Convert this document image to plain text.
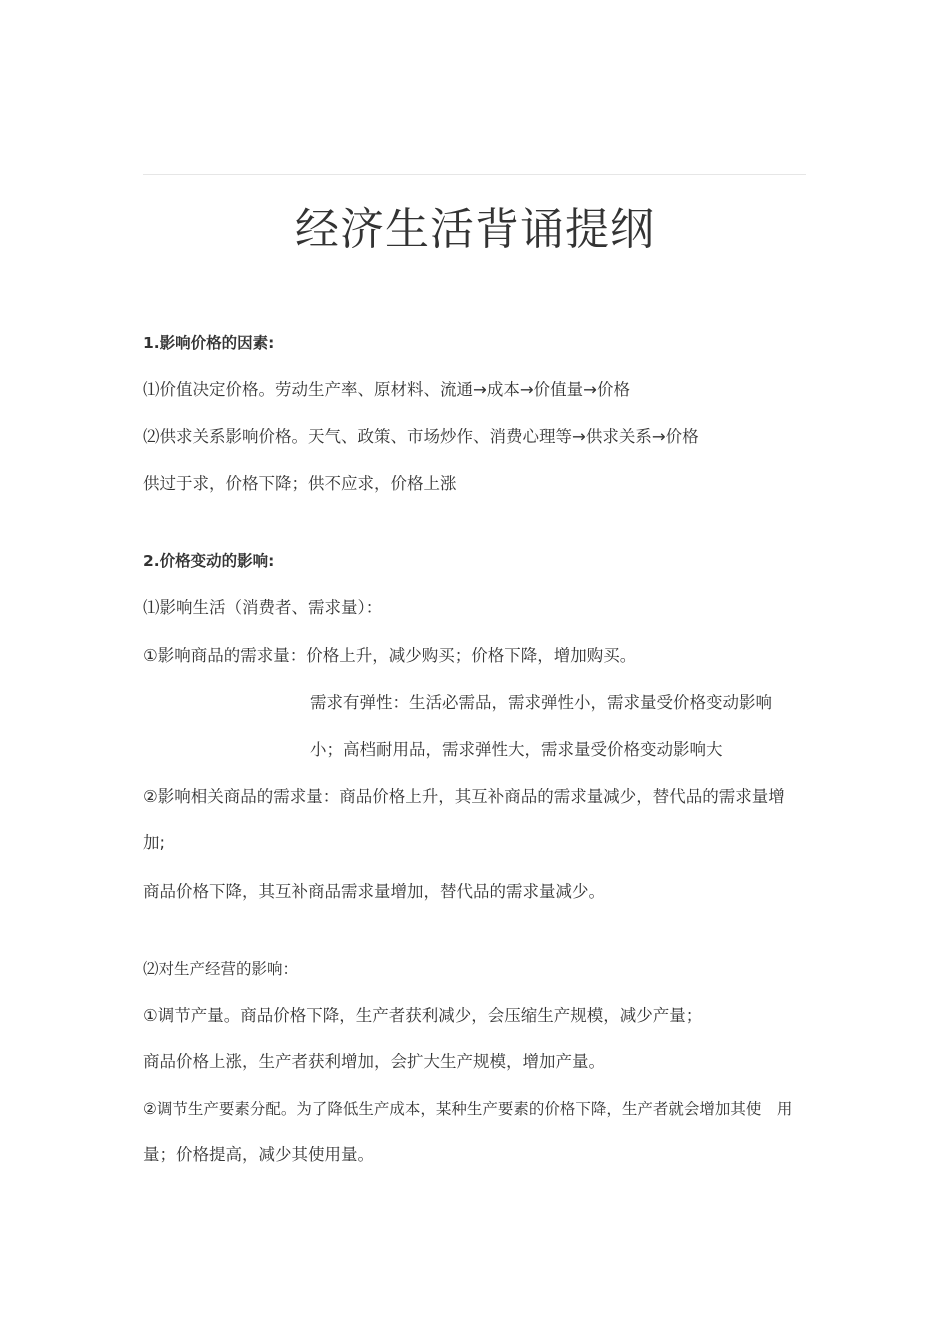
经济生活背诵提纲
1.影响价格的因素:
⑴价值决定价格。劳动生产率、原材料、流通→成本→价值量→价格
⑵供求关系影响价格。天气、政策、市场炒作、消费心理等→供求关系→价格
供过于求，价格下降；供不应求，价格上涨
2.价格变动的影响:
⑴影响生活（消费者、需求量）：
①影响商品的需求量：价格上升，减少购买；价格下降，增加购买。
需求有弹性：生活必需品，需求弹性小，需求量受价格变动影响
小；高档耐用品，需求弹性大，需求量受价格变动影响大
②影响相关商品的需求量：商品价格上升，其互补商品的需求量减少，替代品的需求量增
加;
商品价格下降，其互补商品需求量增加，替代品的需求量减少。
⑵对生产经营的影响：
①调节产量。商品价格下降，生产者获利减少，会压缩生产规模，减少产量；
商品价格上涨，生产者获利增加，会扩大生产规模，增加产量。
②调节生产要素分配。为了降低生产成本，某种生产要素的价格下降，生产者就会增加其使　用
量；价格提高，减少其使用量。
